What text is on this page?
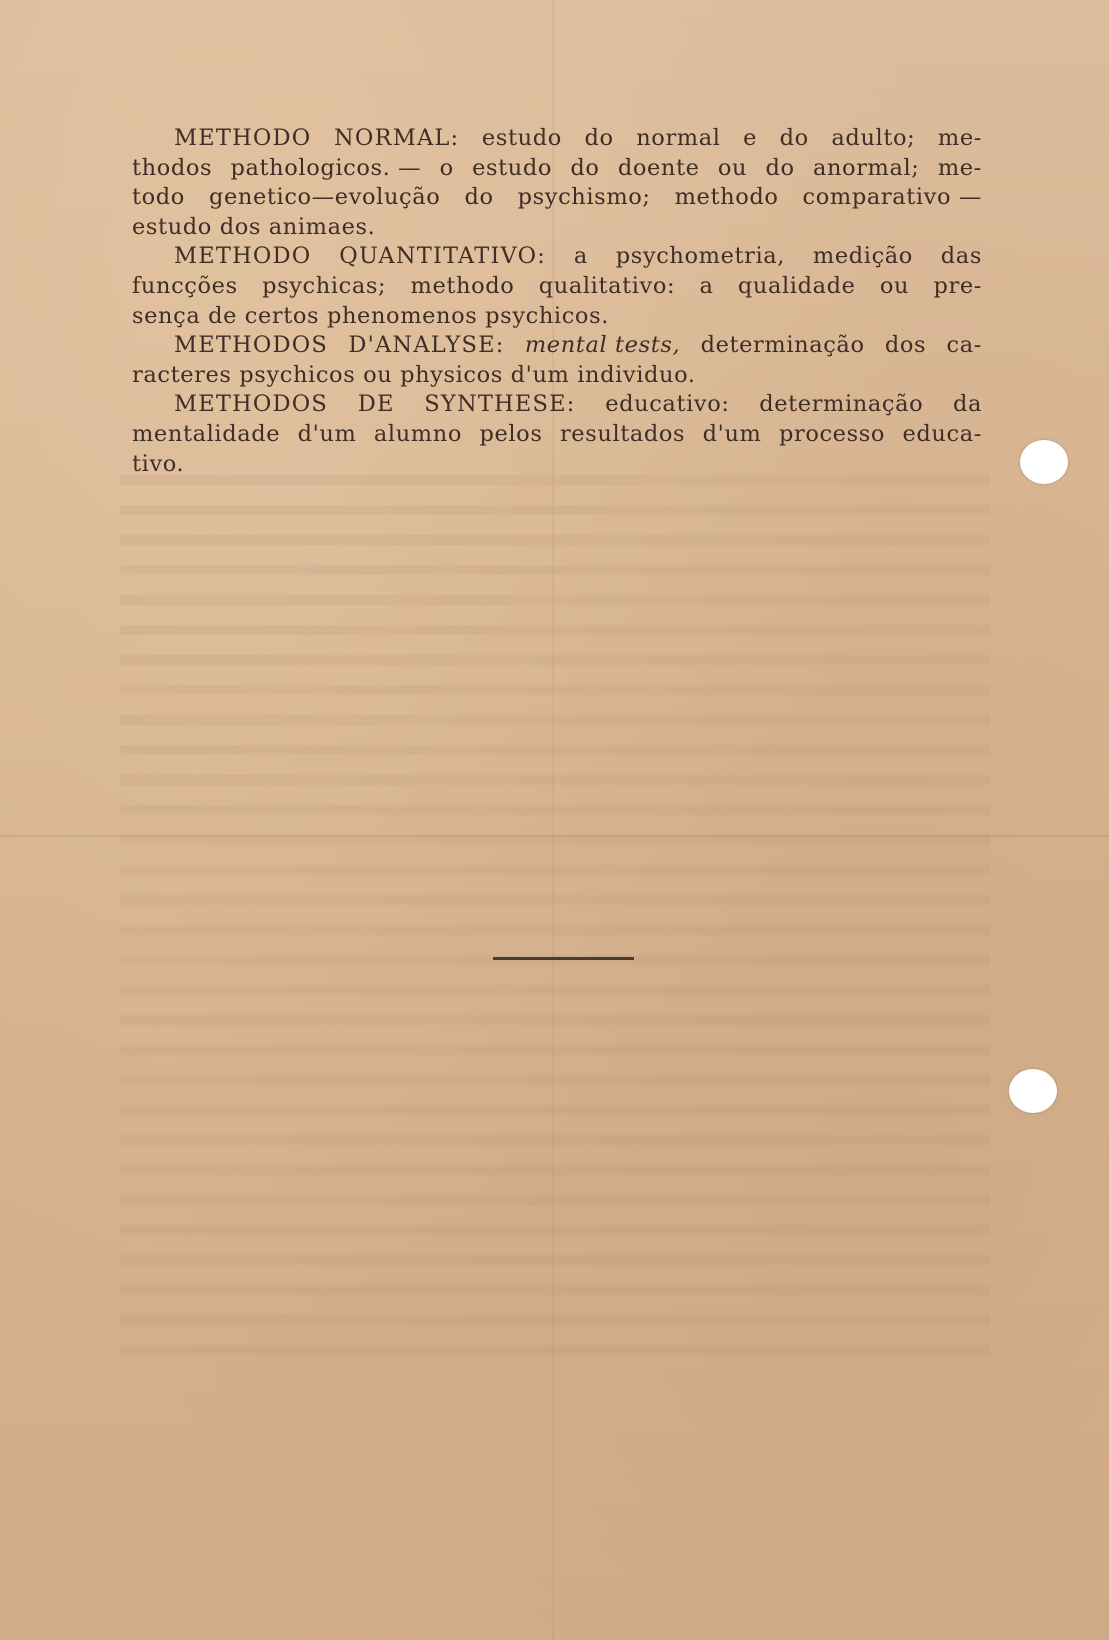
METHODO NORMAL: estudo do normal e do adulto; me-
thodos pathologicos. — o estudo do doente ou do anormal; me-
todo genetico—evolução do psychismo; methodo comparativo —
estudo dos animaes.
METHODO QUANTITATIVO: a psychometria, medição das
funcções psychicas; methodo qualitativo: a qualidade ou pre-
sença de certos phenomenos psychicos.
METHODOS D'ANALYSE: mental tests, determinação dos ca-
racteres psychicos ou physicos d'um individuo.
METHODOS DE SYNTHESE: educativo: determinação da
mentalidade d'um alumno pelos resultados d'um processo educa-
tivo.
